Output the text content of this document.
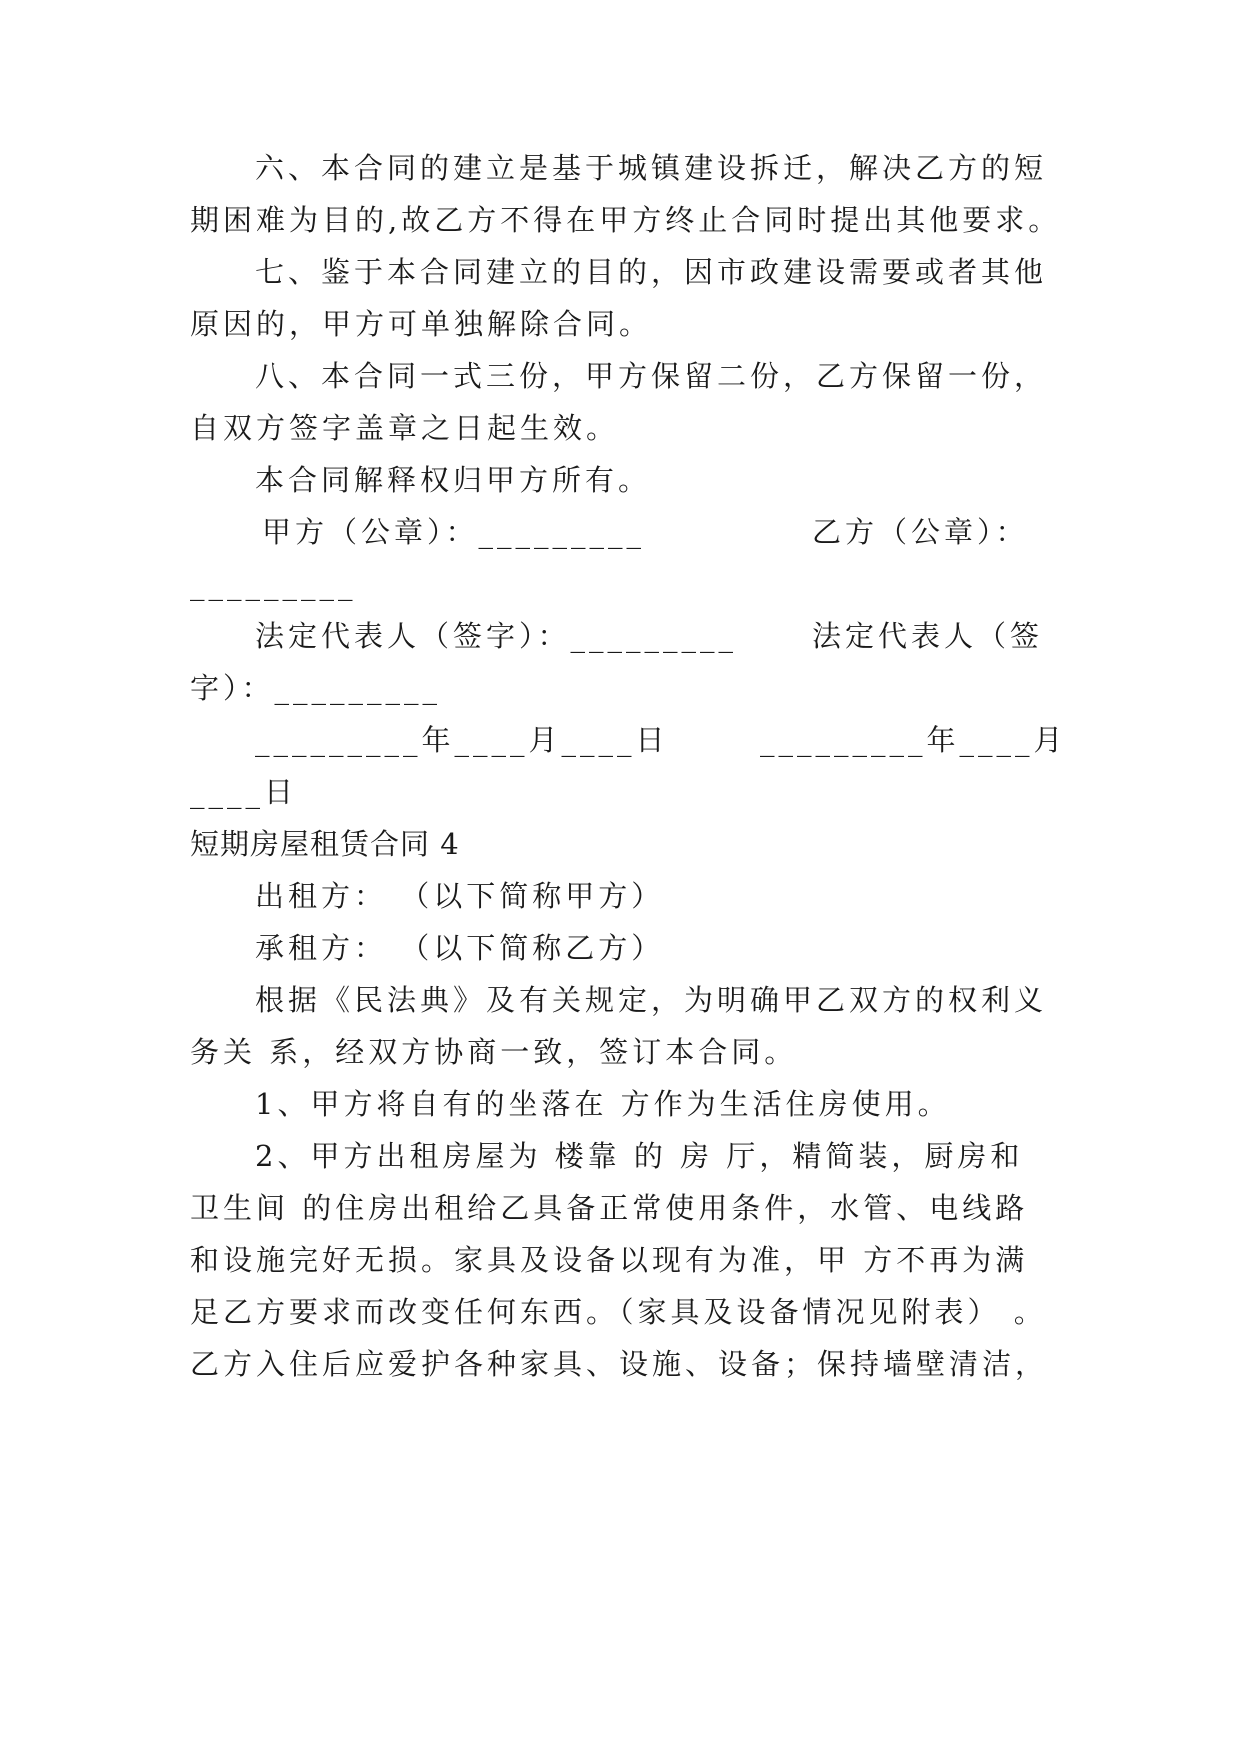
六、本合同的建立是基于城镇建设拆迁，解决乙方的短
期困难为目的,故乙方不得在甲方终止合同时提出其他要求。
七、鉴于本合同建立的目的，因市政建设需要或者其他
原因的，甲方可单独解除合同。
八、本合同一式三份，甲方保留二份，乙方保留一份，
自双方签字盖章之日起生效。
本合同解释权归甲方所有。
甲方（公章）：_________	乙方（公章）：
_________
法定代表人（签字）：_________	法定代表人（签
字）：_________
_________年____月____日	_________年____月
____日
短期房屋租赁合同 4
出租方： （以下简称甲方）
承租方： （以下简称乙方）
根据《民法典》及有关规定，为明确甲乙双方的权利义
务关 系，经双方协商一致，签订本合同。
1、甲方将自有的坐落在 方作为生活住房使用。
2、甲方出租房屋为 楼靠 的 房 厅，精简装，厨房和
卫生间 的住房出租给乙具备正常使用条件，水管、电线路
和设施完好无损。家具及设备以现有为准，甲 方不再为满
足乙方要求而改变任何东西。（家具及设备情况见附表） 。
乙方入住后应爱护各种家具、设施、设备；保持墙壁清洁，
